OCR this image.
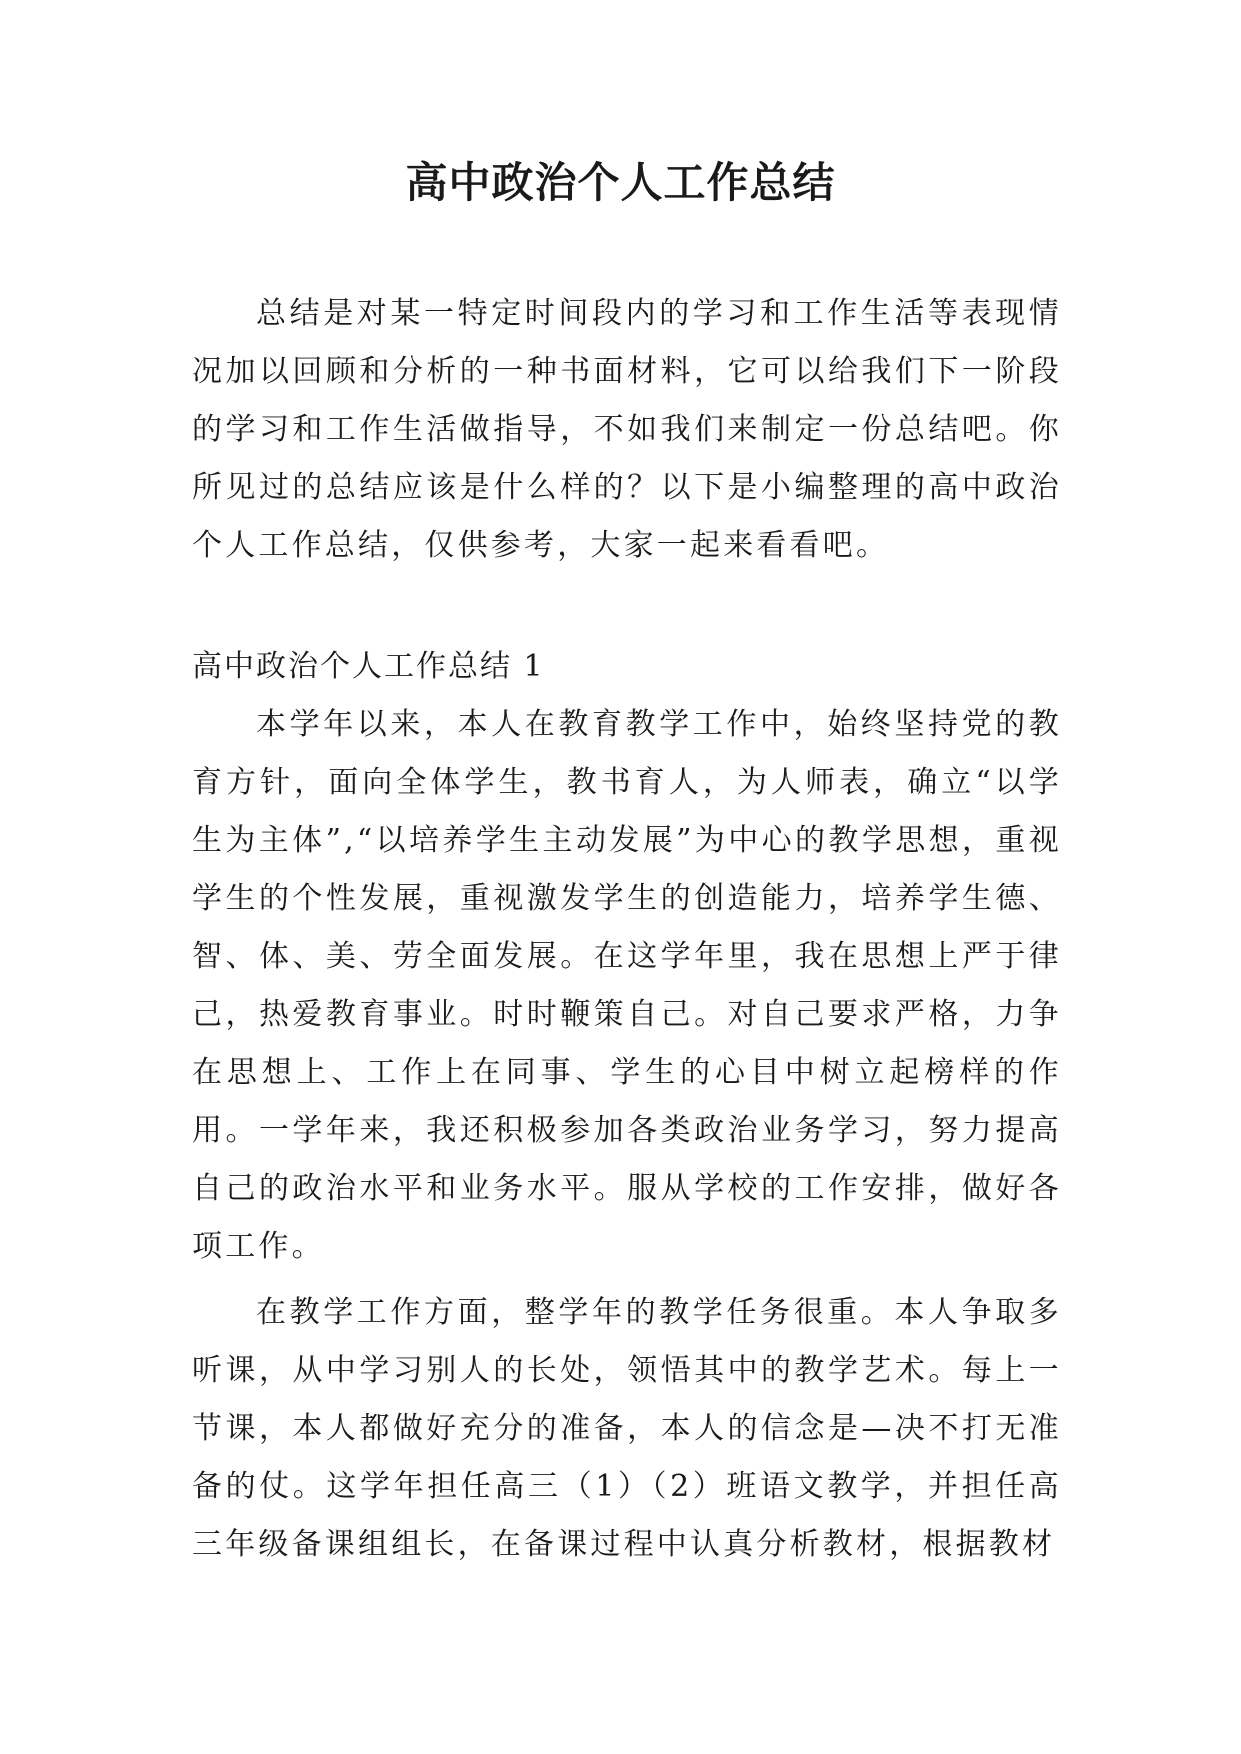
高中政治个人工作总结

总结是对某一特定时间段内的学习和工作生活等表现情况加以回顾和分析的一种书面材料，它可以给我们下一阶段的学习和工作生活做指导，不如我们来制定一份总结吧。你所见过的总结应该是什么样的？以下是小编整理的高中政治个人工作总结，仅供参考，大家一起来看看吧。

高中政治个人工作总结 1

本学年以来，本人在教育教学工作中，始终坚持党的教育方针，面向全体学生，教书育人，为人师表，确立“以学生为主体”,“以培养学生主动发展”为中心的教学思想，重视学生的个性发展，重视激发学生的创造能力，培养学生德、智、体、美、劳全面发展。在这学年里，我在思想上严于律己，热爱教育事业。时时鞭策自己。对自己要求严格，力争在思想上、工作上在同事、学生的心目中树立起榜样的作用。一学年来，我还积极参加各类政治业务学习，努力提高自己的政治水平和业务水平。服从学校的工作安排，做好各项工作。

在教学工作方面，整学年的教学任务很重。本人争取多听课，从中学习别人的长处，领悟其中的教学艺术。每上一节课，本人都做好充分的准备，本人的信念是—决不打无准备的仗。这学年担任高三（1）（2）班语文教学，并担任高三年级备课组组长，在备课过程中认真分析教材，根据教材
